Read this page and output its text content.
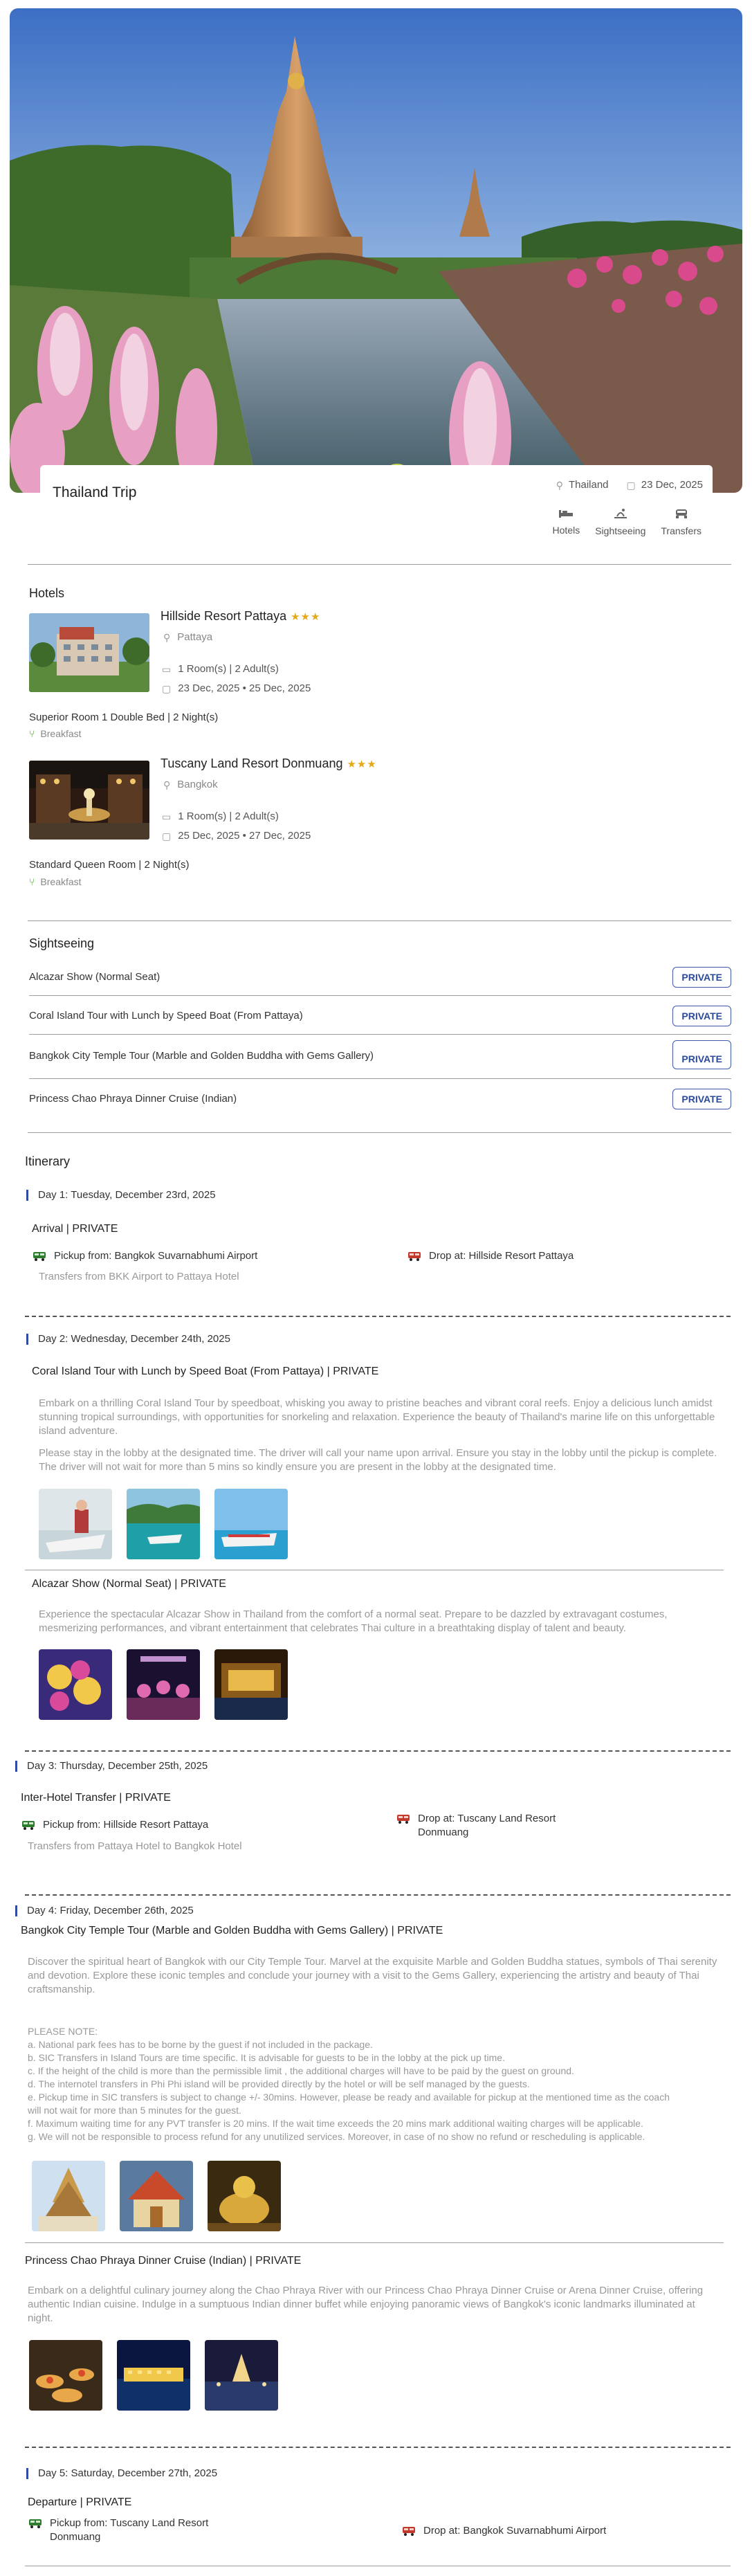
Thailand Trip	⚲ Thailand ▢ 23 Dec, 2025
Hotels Sightseeing Transfers
Hotels
Hillside Resort Pattaya ★★★
⚲ Pattaya
▭ 1 Room(s) | 2 Adult(s)
▢ 23 Dec, 2025 • 25 Dec, 2025
Superior Room 1 Double Bed | 2 Night(s)
⑂ Breakfast
Tuscany Land Resort Donmuang ★★★
⚲ Bangkok
▭ 1 Room(s) | 2 Adult(s)
▢ 25 Dec, 2025 • 27 Dec, 2025
Standard Queen Room | 2 Night(s)
⑂ Breakfast
Sightseeing
Alcazar Show (Normal Seat)	PRIVATE
Coral Island Tour with Lunch by Speed Boat (From Pattaya)	PRIVATE
Bangkok City Temple Tour (Marble and Golden Buddha with Gems Gallery)	PRIVATE
Princess Chao Phraya Dinner Cruise (Indian)	PRIVATE
Itinerary
Day 1: Tuesday, December 23rd, 2025
Arrival | PRIVATE
Pickup from: Bangkok Suvarnabhumi Airport	Drop at: Hillside Resort Pattaya
Transfers from BKK Airport to Pattaya Hotel
Day 2: Wednesday, December 24th, 2025
Coral Island Tour with Lunch by Speed Boat (From Pattaya) | PRIVATE
Embark on a thrilling Coral Island Tour by speedboat, whisking you away to pristine beaches and vibrant coral reefs. Enjoy a delicious lunch amidst
stunning tropical surroundings, with opportunities for snorkeling and relaxation. Experience the beauty of Thailand's marine life on this unforgettable
island adventure.
Please stay in the lobby at the designated time. The driver will call your name upon arrival. Ensure you stay in the lobby until the pickup is complete.
The driver will not wait for more than 5 mins so kindly ensure you are present in the lobby at the designated time.
Alcazar Show (Normal Seat) | PRIVATE
Experience the spectacular Alcazar Show in Thailand from the comfort of a normal seat. Prepare to be dazzled by extravagant costumes,
mesmerizing performances, and vibrant entertainment that celebrates Thai culture in a breathtaking display of talent and beauty.
Day 3: Thursday, December 25th, 2025
Inter-Hotel Transfer | PRIVATE
Pickup from: Hillside Resort Pattaya
Drop at: Tuscany Land Resort
Donmuang
Transfers from Pattaya Hotel to Bangkok Hotel
Day 4: Friday, December 26th, 2025
Bangkok City Temple Tour (Marble and Golden Buddha with Gems Gallery) | PRIVATE
Discover the spiritual heart of Bangkok with our City Temple Tour. Marvel at the exquisite Marble and Golden Buddha statues, symbols of Thai serenity
and devotion. Explore these iconic temples and conclude your journey with a visit to the Gems Gallery, experiencing the artistry and beauty of Thai
craftsmanship.
PLEASE NOTE:
a. National park fees has to be borne by the guest if not included in the package.
b. SIC Transfers in Island Tours are time specific. It is advisable for guests to be in the lobby at the pick up time.
c. If the height of the child is more than the permissible limit , the additional charges will have to be paid by the guest on ground.
d. The internotel transfers in Phi Phi island will be provided directly by the hotel or will be self managed by the guests.
e. Pickup time in SIC transfers is subject to change +/- 30mins. However, please be ready and available for pickup at the mentioned time as the coach
will not wait for more than 5 minutes for the guest.
f. Maximum waiting time for any PVT transfer is 20 mins. If the wait time exceeds the 20 mins mark additional waiting charges will be applicable.
g. We will not be responsible to process refund for any unutilized services. Moreover, in case of no show no refund or rescheduling is applicable.
Princess Chao Phraya Dinner Cruise (Indian) | PRIVATE
Embark on a delightful culinary journey along the Chao Phraya River with our Princess Chao Phraya Dinner Cruise or Arena Dinner Cruise, offering
authentic Indian cuisine. Indulge in a sumptuous Indian dinner buffet while enjoying panoramic views of Bangkok's iconic landmarks illuminated at
night.
Day 5: Saturday, December 27th, 2025
Departure | PRIVATE
Pickup from: Tuscany Land Resort
Donmuang
Drop at: Bangkok Suvarnabhumi Airport
